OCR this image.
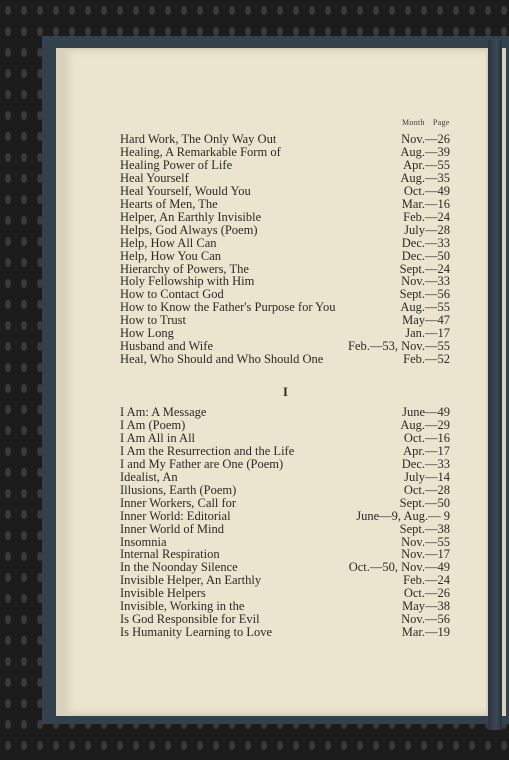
Month Page
Hard Work, The Only Way Out	Nov.—26
Healing, A Remarkable Form of	Aug.—39
Healing Power of Life	Apr.—55
Heal Yourself	Aug.—35
Heal Yourself, Would You	Oct.—49
Hearts of Men, The	Mar.—16
Helper, An Earthly Invisible	Feb.—24
Helps, God Always (Poem)	July—28
Help, How All Can	Dec.—33
Help, How You Can	Dec.—50
Hierarchy of Powers, The	Sept.—24
Holy Fellowship with Him	Nov.—33
How to Contact God	Sept.—56
How to Know the Father's Purpose for You	Aug.—55
How to Trust	May—47
How Long	Jan.—17
Husband and Wife	Feb.—53, Nov.—55
Heal, Who Should and Who Should One	Feb.—52
I Am: A Message	June—49
I Am (Poem)	Aug.—29
I Am All in All	Oct.—16
I Am the Resurrection and the Life	Apr.—17
I and My Father are One (Poem)	Dec.—33
Idealist, An	July—14
Illusions, Earth (Poem)	Oct.—28
Inner Workers, Call for	Sept.—50
Inner World: Editorial	June—9, Aug.— 9
Inner World of Mind	Sept.—38
Insomnia	Nov.—55
Internal Respiration	Nov.—17
In the Noonday Silence	Oct.—50, Nov.—49
Invisible Helper, An Earthly	Feb.—24
Invisible Helpers	Oct.—26
Invisible, Working in the	May—38
Is God Responsible for Evil	Nov.—56
Is Humanity Learning to Love	Mar.—19
I
